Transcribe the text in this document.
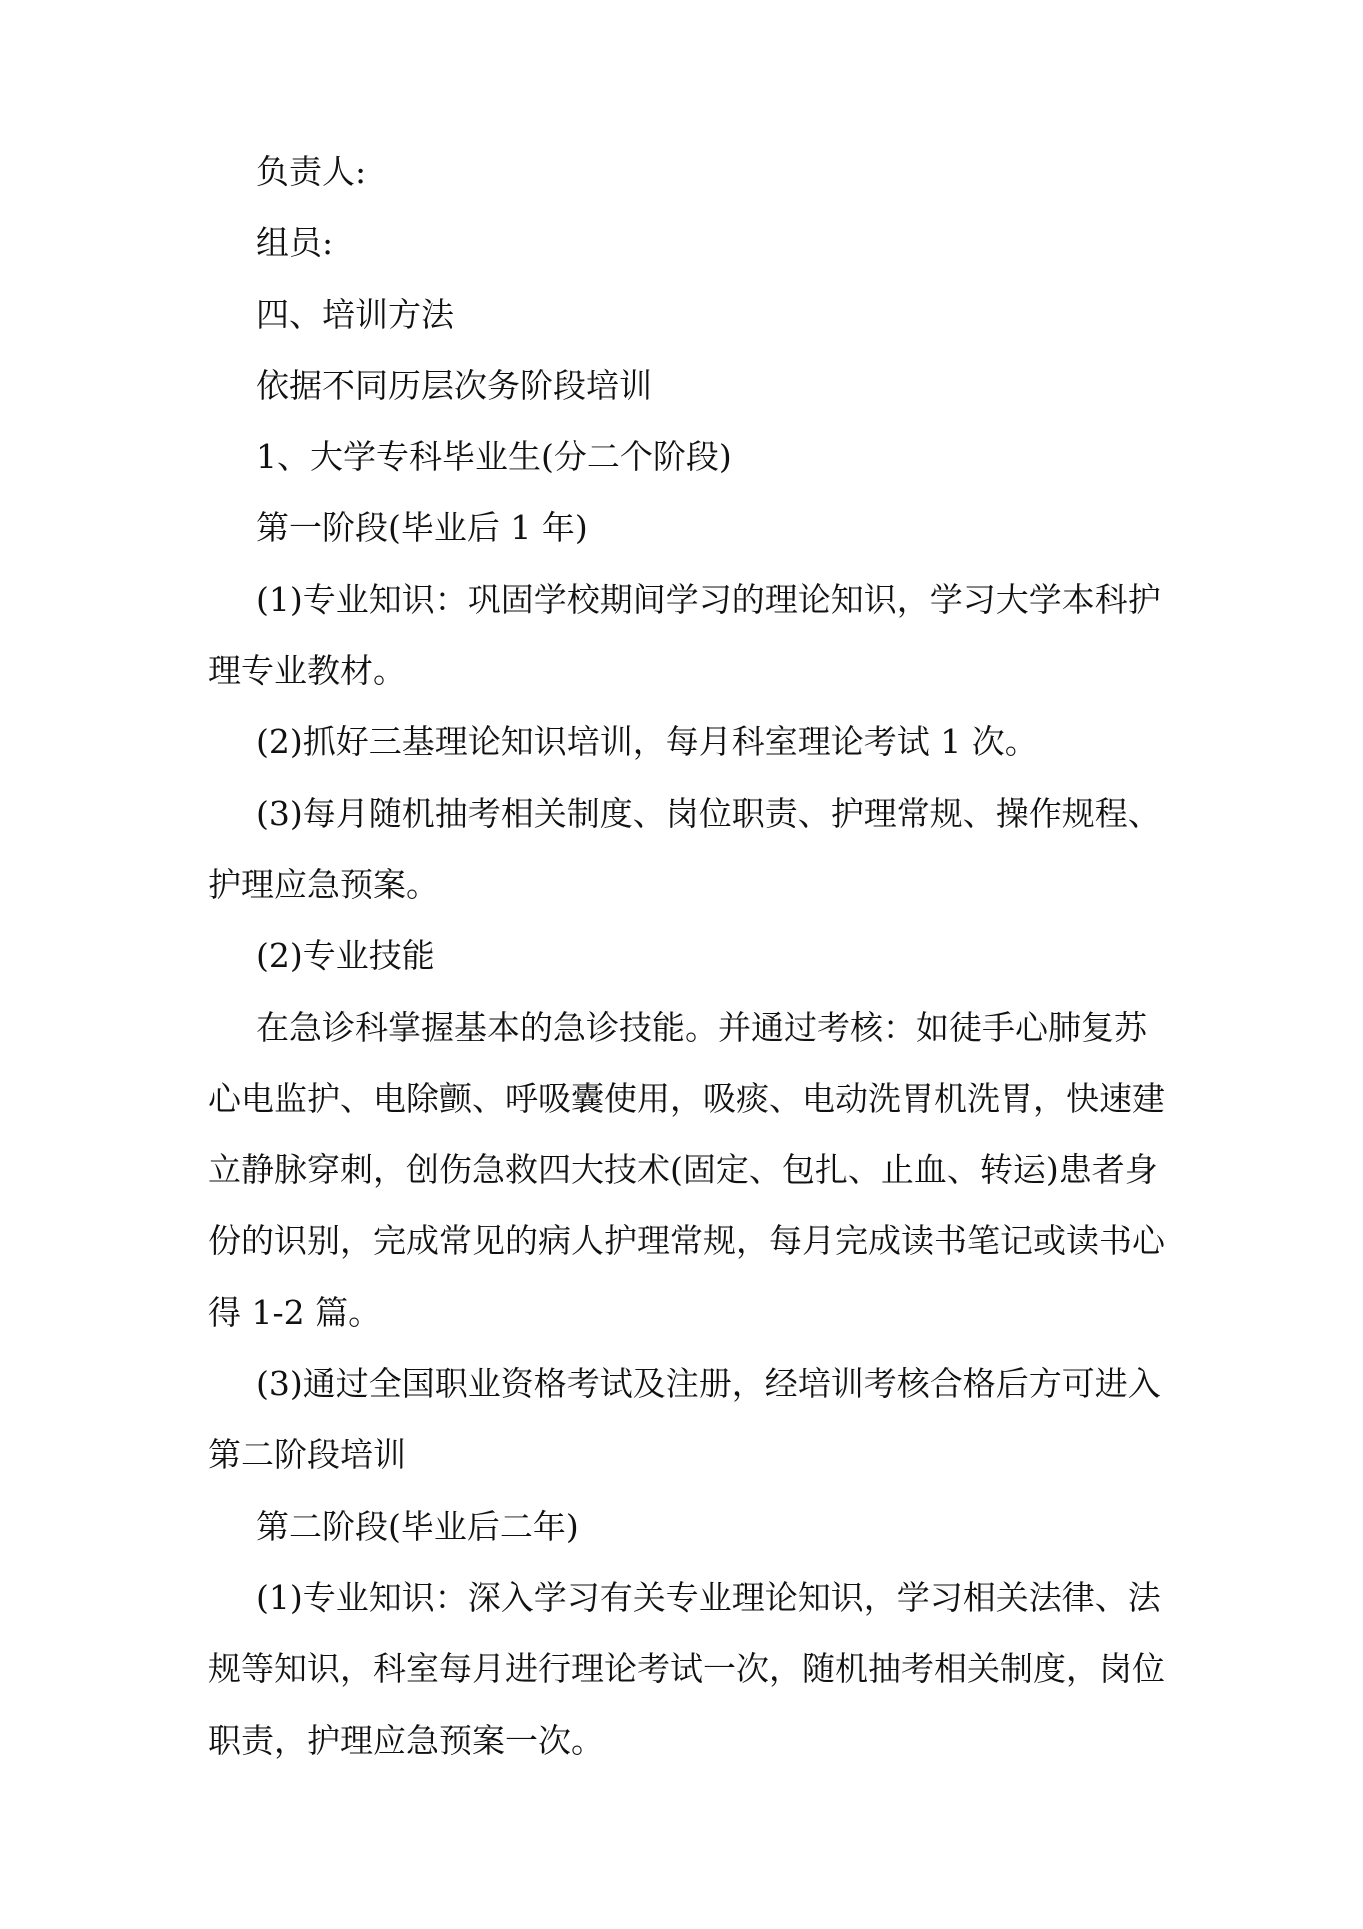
负责人:

组员:

四、培训方法

依据不同历层次务阶段培训

1、大学专科毕业生(分二个阶段)

第一阶段(毕业后 1 年)

(1)专业知识：巩固学校期间学习的理论知识，学习大学本科护理专业教材。

(2)抓好三基理论知识培训，每月科室理论考试 1 次。

(3)每月随机抽考相关制度、岗位职责、护理常规、操作规程、护理应急预案。

(2)专业技能

在急诊科掌握基本的急诊技能。并通过考核：如徒手心肺复苏心电监护、电除颤、呼吸囊使用，吸痰、电动洗胃机洗胃，快速建立静脉穿刺，创伤急救四大技术(固定、包扎、止血、转运)患者身份的识别，完成常见的病人护理常规，每月完成读书笔记或读书心得 1-2 篇。

(3)通过全国职业资格考试及注册，经培训考核合格后方可进入第二阶段培训

第二阶段(毕业后二年)

(1)专业知识：深入学习有关专业理论知识，学习相关法律、法规等知识，科室每月进行理论考试一次，随机抽考相关制度，岗位职责，护理应急预案一次。
